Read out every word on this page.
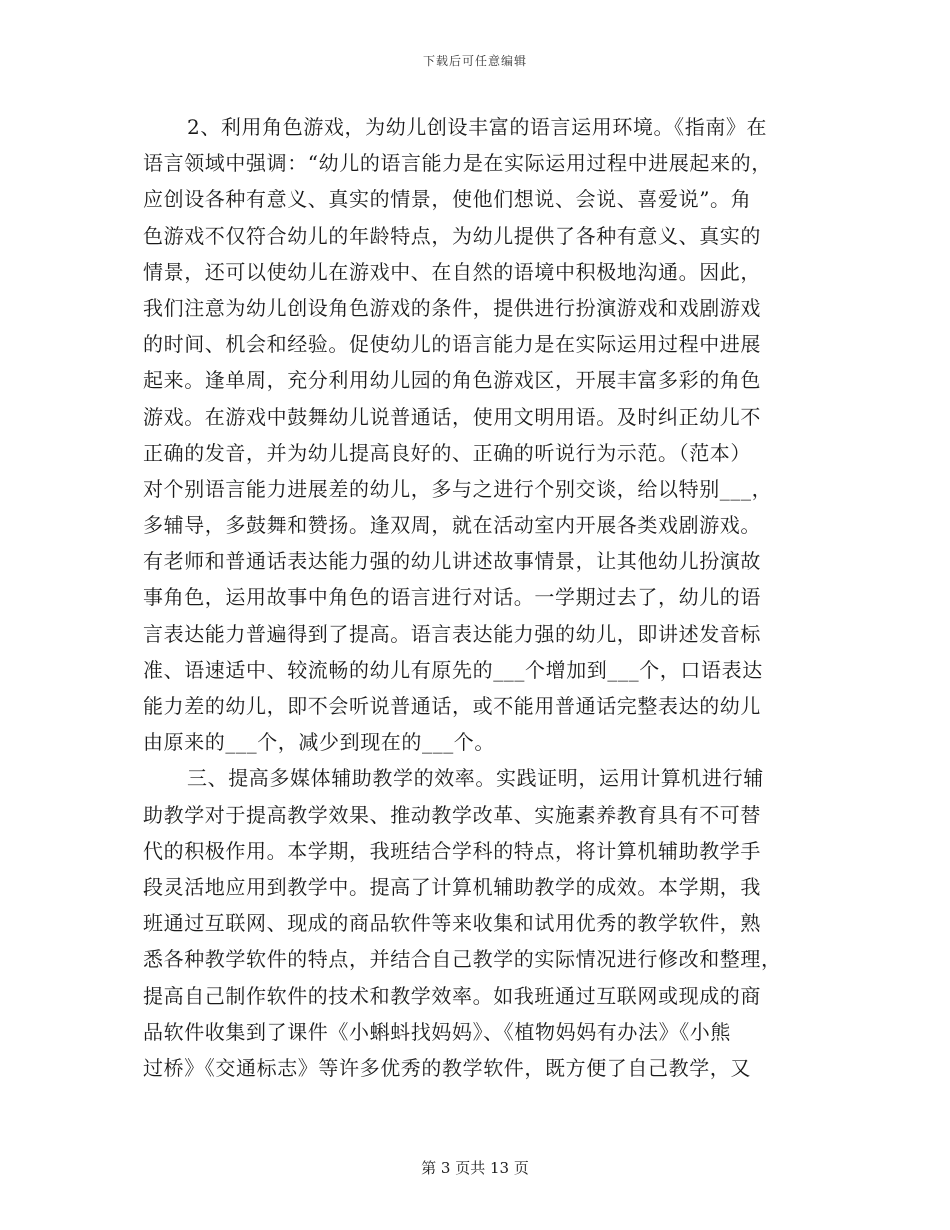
下载后可任意编辑
2、利用角色游戏，为幼儿创设丰富的语言运用环境。《指南》在
语言领域中强调：“幼儿的语言能力是在实际运用过程中进展起来的，
应创设各种有意义、真实的情景，使他们想说、会说、喜爱说”。角
色游戏不仅符合幼儿的年龄特点，为幼儿提供了各种有意义、真实的
情景，还可以使幼儿在游戏中、在自然的语境中积极地沟通。因此，
我们注意为幼儿创设角色游戏的条件，提供进行扮演游戏和戏剧游戏
的时间、机会和经验。促使幼儿的语言能力是在实际运用过程中进展
起来。逢单周，充分利用幼儿园的角色游戏区，开展丰富多彩的角色
游戏。在游戏中鼓舞幼儿说普通话，使用文明用语。及时纠正幼儿不
正确的发音，并为幼儿提高良好的、正确的听说行为示范。（范本）
对个别语言能力进展差的幼儿，多与之进行个别交谈，给以特别___，
多辅导，多鼓舞和赞扬。逢双周，就在活动室内开展各类戏剧游戏。
有老师和普通话表达能力强的幼儿讲述故事情景，让其他幼儿扮演故
事角色，运用故事中角色的语言进行对话。一学期过去了，幼儿的语
言表达能力普遍得到了提高。语言表达能力强的幼儿，即讲述发音标
准、语速适中、较流畅的幼儿有原先的___个增加到___个，口语表达
能力差的幼儿，即不会听说普通话，或不能用普通话完整表达的幼儿
由原来的___个，减少到现在的___个。
三、提高多媒体辅助教学的效率。实践证明，运用计算机进行辅
助教学对于提高教学效果、推动教学改革、实施素养教育具有不可替
代的积极作用。本学期，我班结合学科的特点，将计算机辅助教学手
段灵活地应用到教学中。提高了计算机辅助教学的成效。本学期，我
班通过互联网、现成的商品软件等来收集和试用优秀的教学软件，熟
悉各种教学软件的特点，并结合自己教学的实际情况进行修改和整理，
提高自己制作软件的技术和教学效率。如我班通过互联网或现成的商
品软件收集到了课件《小蝌蚪找妈妈》、《植物妈妈有办法》《小熊
过桥》《交通标志》等许多优秀的教学软件，既方便了自己教学，又
第 3 页共 13 页
